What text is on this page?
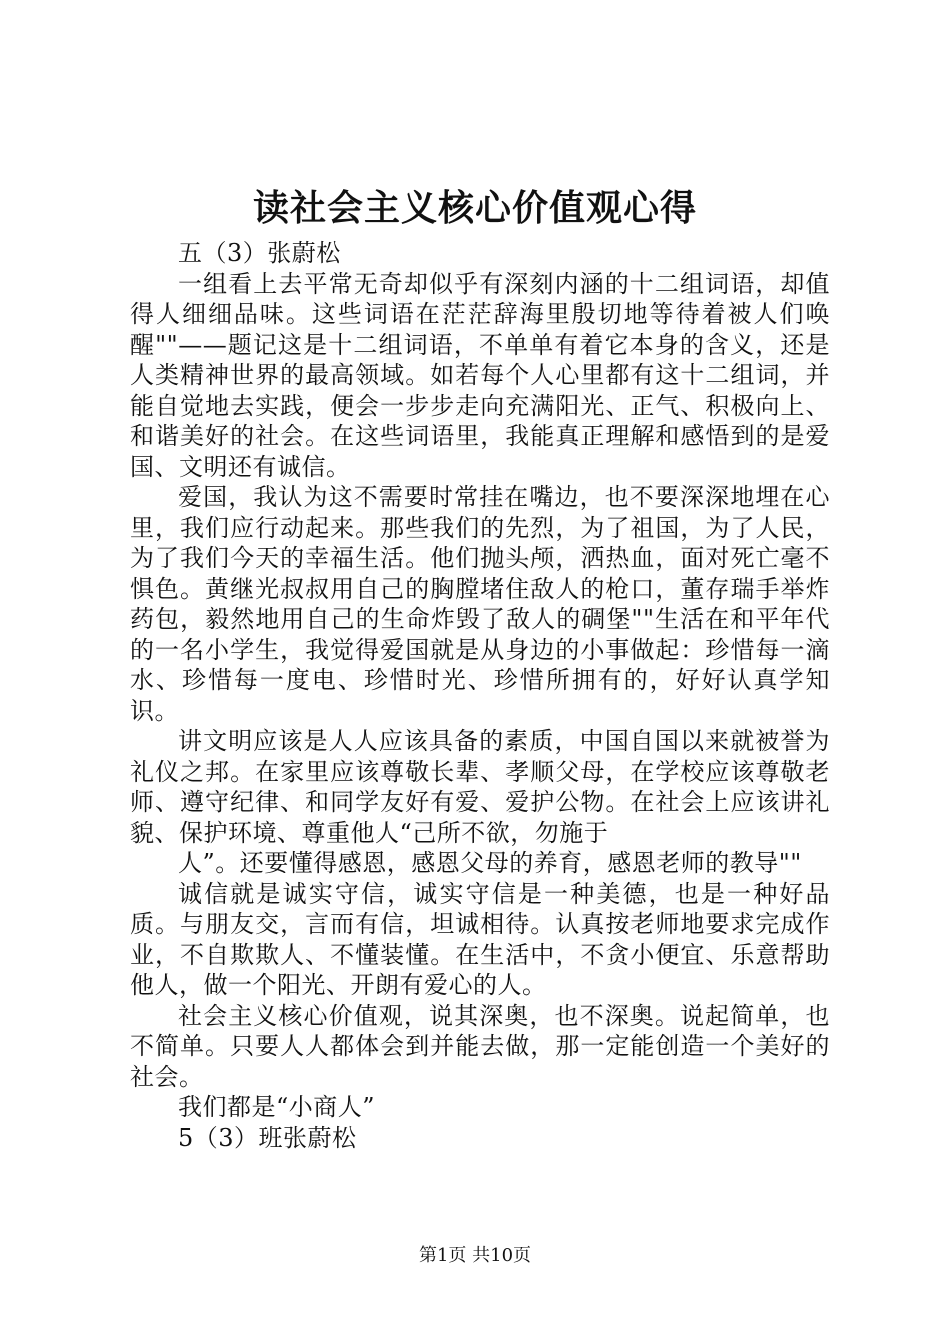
读社会主义核心价值观心得

五（3）张蔚松

一组看上去平常无奇却似乎有深刻内涵的十二组词语，却值得人细细品味。这些词语在茫茫辞海里殷切地等待着被人们唤醒""——题记这是十二组词语，不单单有着它本身的含义，还是人类精神世界的最高领域。如若每个人心里都有这十二组词，并能自觉地去实践，便会一步步走向充满阳光、正气、积极向上、和谐美好的社会。在这些词语里，我能真正理解和感悟到的是爱国、文明还有诚信。

爱国，我认为这不需要时常挂在嘴边，也不要深深地埋在心里，我们应行动起来。那些我们的先烈，为了祖国，为了人民，为了我们今天的幸福生活。他们抛头颅，洒热血，面对死亡毫不惧色。黄继光叔叔用自己的胸膛堵住敌人的枪口，董存瑞手举炸药包，毅然地用自己的生命炸毁了敌人的碉堡""生活在和平年代的一名小学生，我觉得爱国就是从身边的小事做起：珍惜每一滴水、珍惜每一度电、珍惜时光、珍惜所拥有的，好好认真学知识。

讲文明应该是人人应该具备的素质，中国自国以来就被誉为礼仪之邦。在家里应该尊敬长辈、孝顺父母，在学校应该尊敬老师、遵守纪律、和同学友好有爱、爱护公物。在社会上应该讲礼貌、保护环境、尊重他人“己所不欲，勿施于

人”。还要懂得感恩，感恩父母的养育，感恩老师的教导""

诚信就是诚实守信，诚实守信是一种美德，也是一种好品质。与朋友交，言而有信，坦诚相待。认真按老师地要求完成作业，不自欺欺人、不懂装懂。在生活中，不贪小便宜、乐意帮助他人，做一个阳光、开朗有爱心的人。

社会主义核心价值观，说其深奥，也不深奥。说起简单，也不简单。只要人人都体会到并能去做，那一定能创造一个美好的社会。

我们都是“小商人”

5（3）班张蔚松

第1页 共10页
